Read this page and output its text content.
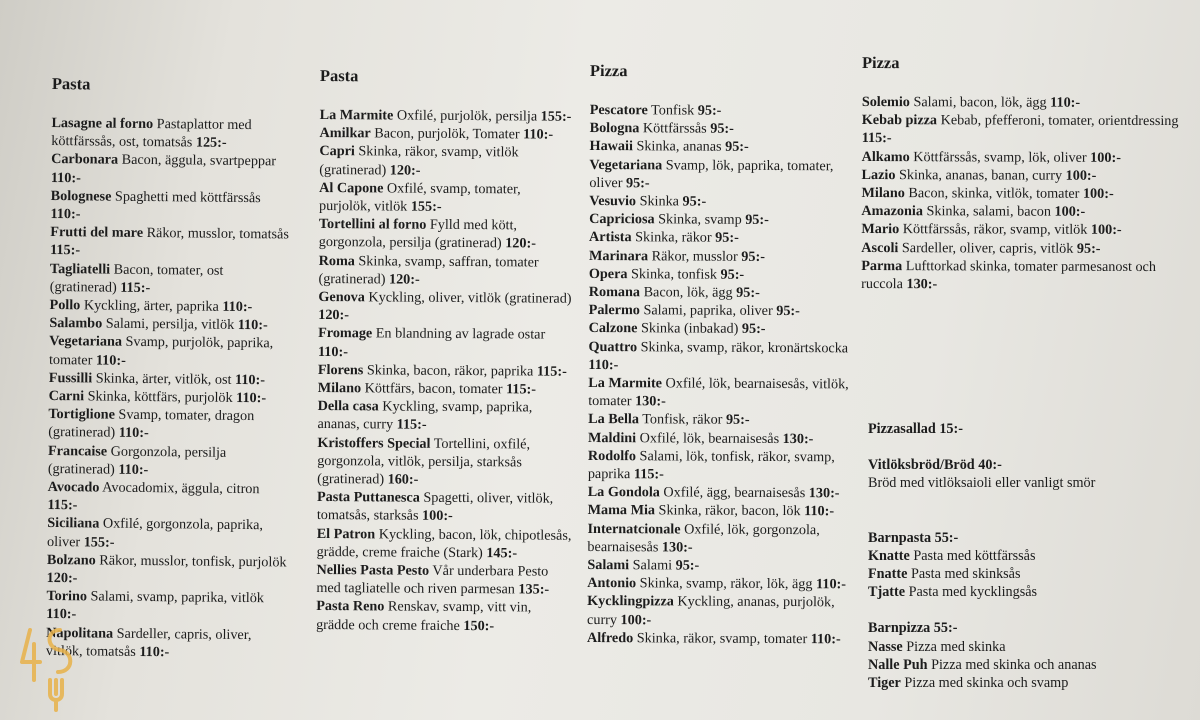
Pasta
Lasagne al forno Pastaplattor med köttfärssås, ost, tomatsås 125:-
Carbonara Bacon, äggula, svartpeppar 110:-
Bolognese Spaghetti med köttfärssås 110:-
Frutti del mare Räkor, musslor, tomatsås 115:-
Tagliatelli Bacon, tomater, ost (gratinerad) 115:-
Pollo Kyckling, ärter, paprika 110:-
Salambo Salami, persilja, vitlök 110:-
Vegetariana Svamp, purjolök, paprika, tomater 110:-
Fussilli Skinka, ärter, vitlök, ost 110:-
Carni Skinka, köttfärs, purjolök 110:-
Tortiglione Svamp, tomater, dragon (gratinerad) 110:-
Francaise Gorgonzola, persilja (gratinerad) 110:-
Avocado Avocadomix, äggula, citron 115:-
Siciliana Oxfilé, gorgonzola, paprika, oliver 155:-
Bolzano Räkor, musslor, tonfisk, purjolök 120:-
Torino Salami, svamp, paprika, vitlök 110:-
Napolitana Sardeller, capris, oliver, vitlök, tomatsås 110:-
Pasta
La Marmite Oxfilé, purjolök, persilja 155:-
Amilkar Bacon, purjolök, Tomater 110:-
Capri Skinka, räkor, svamp, vitlök (gratinerad) 120:-
Al Capone Oxfilé, svamp, tomater, purjolök, vitlök 155:-
Tortellini al forno Fylld med kött, gorgonzola, persilja (gratinerad) 120:-
Roma Skinka, svamp, saffran, tomater (gratinerad) 120:-
Genova Kyckling, oliver, vitlök (gratinerad) 120:-
Fromage En blandning av lagrade ostar 110:-
Florens Skinka, bacon, räkor, paprika 115:-
Milano Köttfärs, bacon, tomater 115:-
Della casa Kyckling, svamp, paprika, ananas, curry 115:-
Kristoffers Special Tortellini, oxfilé, gorgonzola, vitlök, persilja, starksås (gratinerad) 160:-
Pasta Puttanesca Spagetti, oliver, vitlök, tomatsås, starksås 100:-
El Patron Kyckling, bacon, lök, chipotlesås, grädde, creme fraiche (Stark) 145:-
Nellies Pasta Pesto Vår underbara Pesto med tagliatelle och riven parmesan 135:-
Pasta Reno Renskav, svamp, vitt vin, grädde och creme fraiche 150:-
Pizza
Pescatore Tonfisk 95:-
Bologna Köttfärssås 95:-
Hawaii Skinka, ananas 95:-
Vegetariana Svamp, lök, paprika, tomater, oliver 95:-
Vesuvio Skinka 95:-
Capriciosa Skinka, svamp 95:-
Artista Skinka, räkor 95:-
Marinara Räkor, musslor 95:-
Opera Skinka, tonfisk 95:-
Romana Bacon, lök, ägg 95:-
Palermo Salami, paprika, oliver 95:-
Calzone Skinka (inbakad) 95:-
Quattro Skinka, svamp, räkor, kronärtskocka 110:-
La Marmite Oxfilé, lök, bearnaisesås, vitlök, tomater 130:-
La Bella Tonfisk, räkor 95:-
Maldini Oxfilé, lök, bearnaisesås 130:-
Rodolfo Salami, lök, tonfisk, räkor, svamp, paprika 115:-
La Gondola Oxfilé, ägg, bearnaisesås 130:-
Mama Mia Skinka, räkor, bacon, lök 110:-
Internatcionale Oxfilé, lök, gorgonzola, bearnaisesås 130:-
Salami Salami 95:-
Antonio Skinka, svamp, räkor, lök, ägg 110:-
Kycklingpizza Kyckling, ananas, purjolök, curry 100:-
Alfredo Skinka, räkor, svamp, tomater 110:-
Pizza
Solemio Salami, bacon, lök, ägg 110:-
Kebab pizza Kebab, pfefferoni, tomater, orientdressing 115:-
Alkamo Köttfärssås, svamp, lök, oliver 100:-
Lazio Skinka, ananas, banan, curry 100:-
Milano Bacon, skinka, vitlök, tomater 100:-
Amazonia Skinka, salami, bacon 100:-
Mario Köttfärssås, räkor, svamp, vitlök 100:-
Ascoli Sardeller, oliver, capris, vitlök 95:-
Parma Lufttorkad skinka, tomater parmesanost och ruccola 130:-
Pizzasallad 15:-
Vitlöksbröd/Bröd 40:-
Bröd med vitlöksaioli eller vanligt smör
Barnpasta 55:-
Knatte Pasta med köttfärssås
Fnatte Pasta med skinksås
Tjatte Pasta med kycklingsås
Barnpizza 55:-
Nasse Pizza med skinka
Nalle Puh Pizza med skinka och ananas
Tiger Pizza med skinka och svamp
